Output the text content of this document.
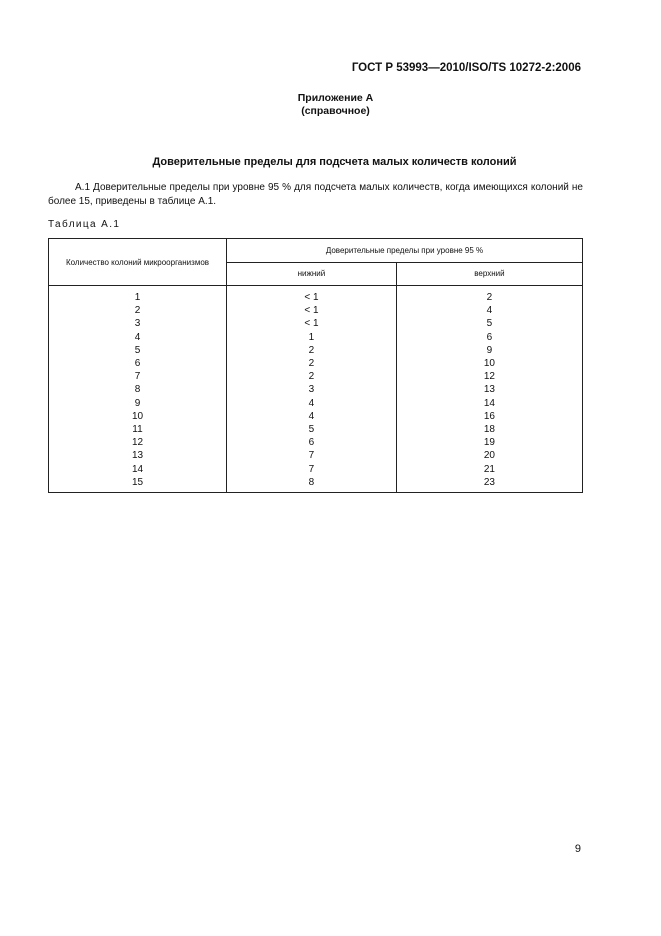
ГОСТ Р 53993—2010/ISO/TS 10272-2:2006
Приложение А
(справочное)
Доверительные пределы для подсчета малых количеств колоний
А.1 Доверительные пределы при уровне 95 % для подсчета малых количеств, когда имеющихся колоний не более 15, приведены в таблице А.1.
Таблица А.1
Количество колоний микроорганизмов	Доверительные пределы при уровне 95 %	
	нижний	верхний
1	< 1	2
2	< 1	4
3	< 1	5
4	1	6
5	2	9
6	2	10
7	2	12
8	3	13
9	4	14
10	4	16
11	5	18
12	6	19
13	7	20
14	7	21
15	8	23
9
